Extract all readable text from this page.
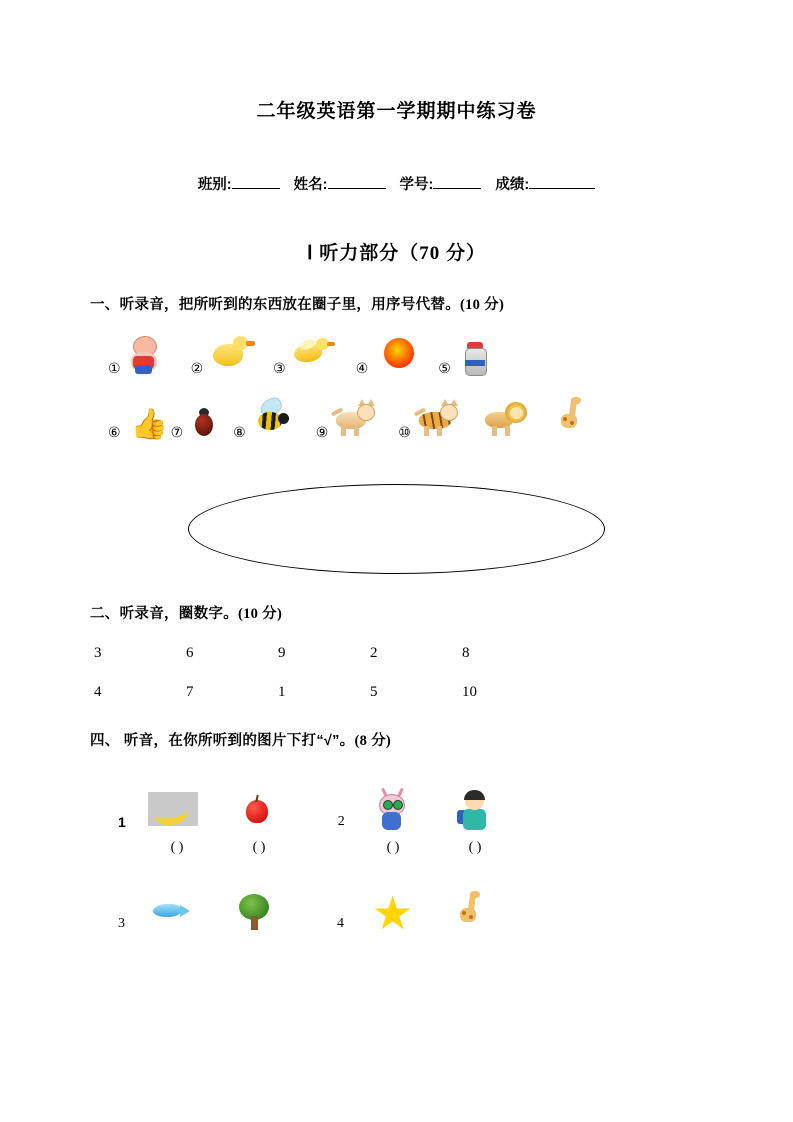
二年级英语第一学期期中练习卷
班别:	姓名:	学号:	成绩:
Ⅰ 听力部分（70 分）
一、听录音，把所听到的东西放在圈子里，用序号代替。(10 分)
①	②	③	④	⑤
⑥ 👍 ⑦	⑧	⑨	⑩
二、听录音，圈数字。(10 分)
3	6	9	2	8
4	7	1	5	10
四、 听音，在你所听到的图片下打“√”。(8 分)
1	2
( )	( )	( )	( )
3	4 ★
